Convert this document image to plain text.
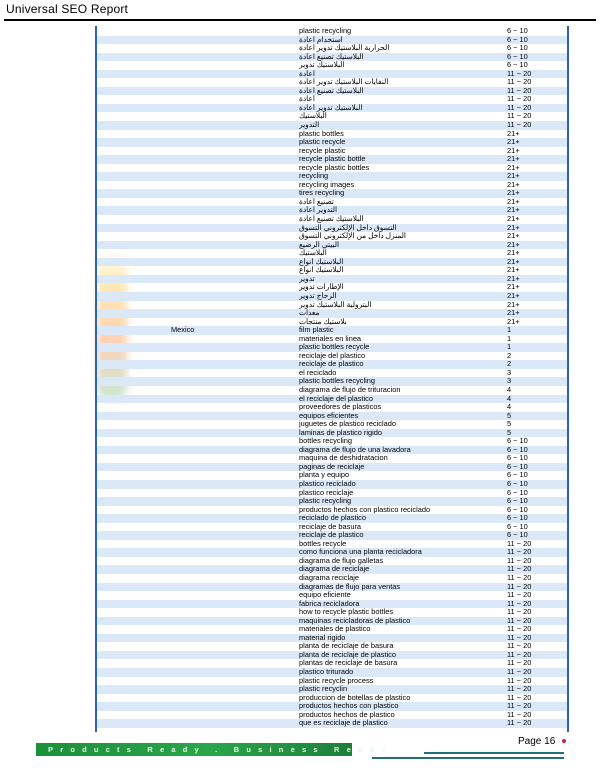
Universal SEO Report
plastic recycling	6 ~ 10
استخدام اعادة	6 ~ 10
الحرارية البلاستيك تدوير اعادة	6 ~ 10
البلاستيك تصنيع اعادة	6 ~ 10
البلاستيك تدوير	6 ~ 10
اعادة	11 ~ 20
النفايات البلاستيك تدوير اعادة	11 ~ 20
البلاستيك تصنيع اعادة	11 ~ 20
اعادة	11 ~ 20
البلاستيك تدوير اعادة	11 ~ 20
البلاستيك	11 ~ 20
التدوير	11 ~ 20
plastic bottles	21+
plastic recycle	21+
recycle plastic	21+
recycle plastic bottle	21+
recycle plastic bottles	21+
recycling	21+
recycling images	21+
tires recycling	21+
تصنيع اعادة	21+
التدوير اعادة	21+
البلاستيك تصنيع اعادة	21+
التسوق داخل الإلكتروني التسوق	21+
المنزل داخل من الإلكتروني التسوق	21+
البيتي الرضيع	21+
البلاستيك	21+
البلاستيك أنواع	21+
البلاستيك انواع	21+
تدوير	21+
الإطارات تدوير	21+
الزجاج تدوير	21+
البترولية البلاستيك تدوير	21+
معدات	21+
بلاستيك منتجات	21+
Mexico	film plastic	1
materiales en linea	1
plastic bottles recycle	1
reciclaje del plastico	2
reciclaje de plastico	2
el reciclado	3
plastic bottles recycling	3
diagrama de flujo de trituracion	4
el reciclaje del plastico	4
proveedores de plasticos	4
equipos eficientes	5
juguetes de plastico reciclado	5
laminas de plastico rigido	5
bottles recycling	6 ~ 10
diagrama de flujo de una lavadora	6 ~ 10
maquina de deshidratacion	6 ~ 10
paginas de reciclaje	6 ~ 10
planta y equipo	6 ~ 10
plastico reciclado	6 ~ 10
plastico reciclaje	6 ~ 10
plastic recycling	6 ~ 10
productos hechos con plastico reciclado	6 ~ 10
reciclado de plastico	6 ~ 10
reciclaje de basura	6 ~ 10
reciclaje de plastico	6 ~ 10
bottles recycle	11 ~ 20
como funciona una planta recicladora	11 ~ 20
diagrama de flujo galletas	11 ~ 20
diagrama de reciclaje	11 ~ 20
diagrama reciclaje	11 ~ 20
diagramas de flujo para ventas	11 ~ 20
equipo eficiente	11 ~ 20
fabrica recicladora	11 ~ 20
how to recycle plastic bottles	11 ~ 20
maquinas recicladoras de plastico	11 ~ 20
materiales de plastico	11 ~ 20
material rigido	11 ~ 20
planta de reciclaje de basura	11 ~ 20
planta de reciclaje de plastico	11 ~ 20
plantas de reciclaje de basura	11 ~ 20
plastico triturado	11 ~ 20
plastic recycle process	11 ~ 20
plastic recyclin	11 ~ 20
produccion de botellas de plastico	11 ~ 20
productos hechos con plastico	11 ~ 20
productos hechos de plastico	11 ~ 20
que es reciclaje de plastico	11 ~ 20
Products Ready . Business Ready
Page 16
